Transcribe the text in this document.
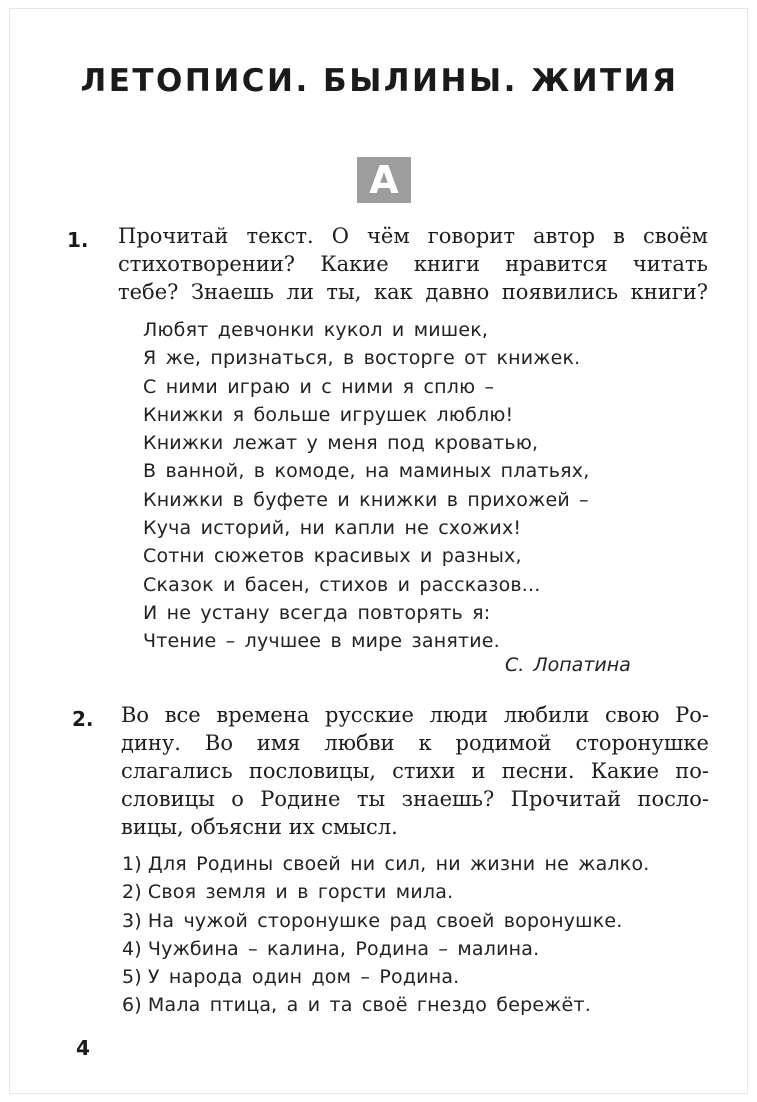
ЛЕТОПИСИ. БЫЛИНЫ. ЖИТИЯ
А
1. Прочитай текст. О чём говорит автор в своём
стихотворении? Какие книги нравится читать
тебе? Знаешь ли ты, как давно появились книги?
Любят девчонки кукол и мишек,
Я же, признаться, в восторге от книжек.
С ними играю и с ними я сплю –
Книжки я больше игрушек люблю!
Книжки лежат у меня под кроватью,
В ванной, в комоде, на маминых платьях,
Книжки в буфете и книжки в прихожей –
Куча историй, ни капли не схожих!
Сотни сюжетов красивых и разных,
Сказок и басен, стихов и рассказов...
И не устану всегда повторять я:
Чтение – лучшее в мире занятие.
С. Лопатина
2. Во все времена русские люди любили свою Ро-
дину. Во имя любви к родимой сторонушке
слагались пословицы, стихи и песни. Какие по-
словицы о Родине ты знаешь? Прочитай посло-
вицы, объясни их смысл.
1) Для Родины своей ни сил, ни жизни не жалко.
2) Своя земля и в горсти мила.
3) На чужой сторонушке рад своей воронушке.
4) Чужбина – калина, Родина – малина.
5) У народа один дом – Родина.
6) Мала птица, а и та своё гнездо бережёт.
4
